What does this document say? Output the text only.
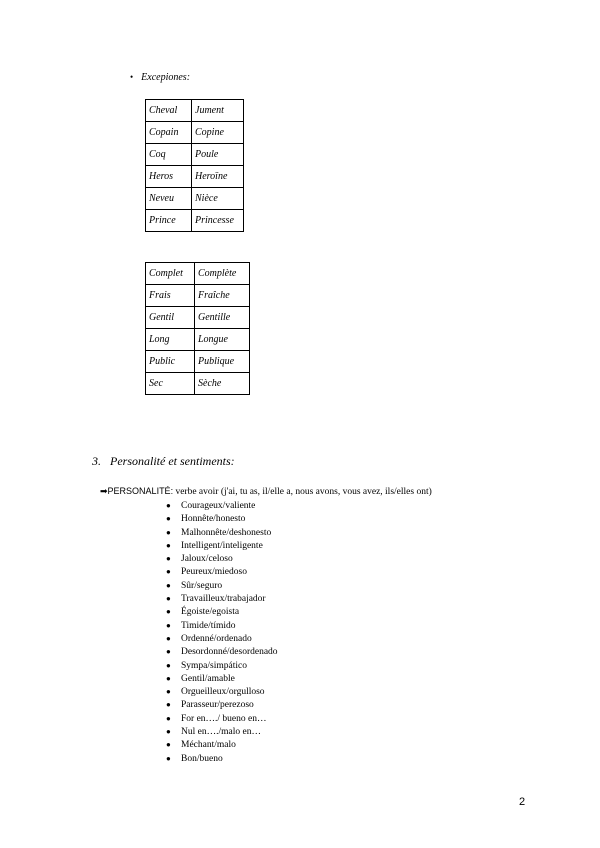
• Excepiones:
Cheval	Jument
Copain	Copine
Coq	Poule
Heros	Heroïne
Neveu	Nièce
Prince	Princesse
Complet	Complète
Frais	Fraîche
Gentil	Gentille
Long	Longue
Public	Publique
Sec	Sèche
3. Personalité et sentiments:
➡PERSONALITÉ: verbe avoir (j'ai, tu as, il/elle a, nous avons, vous avez, ils/elles ont)
● Courageux/valiente
● Honnête/honesto
● Malhonnête/deshonesto
● Intelligent/inteligente
● Jaloux/celoso
● Peureux/miedoso
● Sûr/seguro
● Travailleux/trabajador
● Égoiste/egoista
● Timide/tímido
● Ordenné/ordenado
● Desordonné/desordenado
● Sympa/simpático
● Gentil/amable
● Orgueilleux/orgulloso
● Parasseur/perezoso
● For en…./ bueno en…
● Nul en…./malo en…
● Méchant/malo
● Bon/bueno
2
